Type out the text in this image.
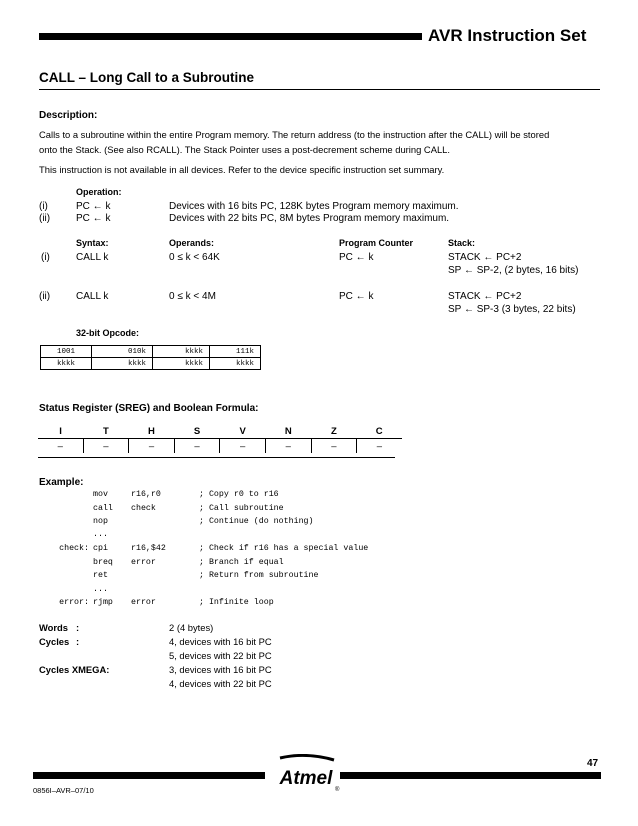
AVR Instruction Set
CALL – Long Call to a Subroutine
Description:
Calls to a subroutine within the entire Program memory. The return address (to the instruction after the CALL) will be stored
onto the Stack. (See also RCALL). The Stack Pointer uses a post-decrement scheme during CALL.
This instruction is not available in all devices. Refer to the device specific instruction set summary.
Operation:
(i)	PC ← k	Devices with 16 bits PC, 128K bytes Program memory maximum.
(ii)	PC ← k	Devices with 22 bits PC, 8M bytes Program memory maximum.
Syntax:	Operands:	Program Counter	Stack:
(i)	CALL k	0 ≤ k < 64K	PC ← k	STACK ← PC+2
SP ← SP-2, (2 bytes, 16 bits)
(ii)	CALL k	0 ≤ k < 4M	PC ← k	STACK ← PC+2
SP ← SP-3 (3 bytes, 22 bits)
32-bit Opcode:
1001	010k	kkkk	111k
kkkk	kkkk	kkkk	kkkk
Status Register (SREG) and Boolean Formula:
I	T	H	S	V	N	Z	C
–	–	–	–	–	–	–	–
Example:
mov	r16,r0	; Copy r0 to r16
call check	; Call subroutine
nop	; Continue (do nothing)
...
check: cpi	r16,$42	; Check if r16 has a special value
breq error	; Branch if equal
ret	; Return from subroutine
...
error: rjmp error	; Infinite loop
Words :	2 (4 bytes)
Cycles :	4, devices with 16 bit PC
5, devices with 22 bit PC
Cycles XMEGA:	3, devices with 16 bit PC
4, devices with 22 bit PC
Atmel
®
47
0856I–AVR–07/10
